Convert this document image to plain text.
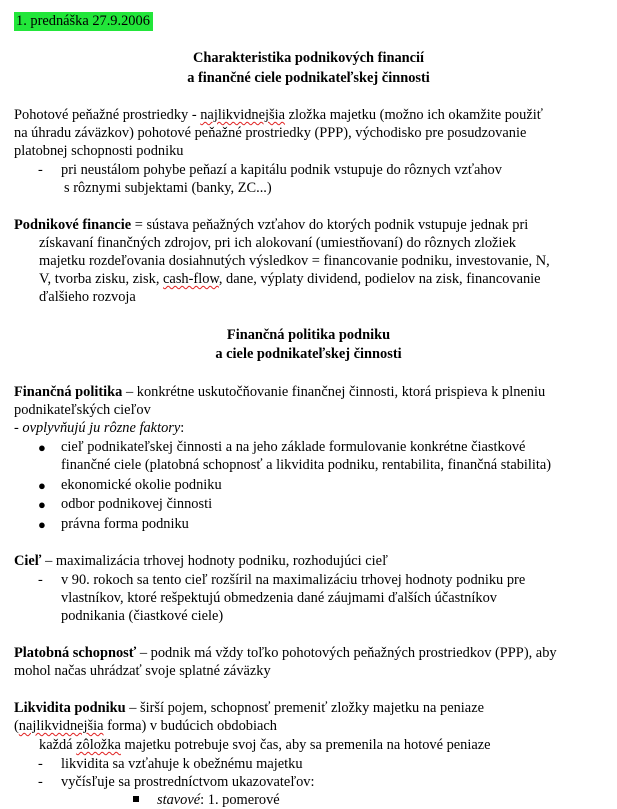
1. prednáška 27.9.2006
Charakteristika podnikových financií
a finančné ciele podnikateľskej činnosti
Pohotové peňažné prostriedky - najlikvidnejšia zložka majetku (možno ich okamžite použiť
na úhradu záväzkov) pohotové peňažné prostriedky (PPP), východisko pre posudzovanie
platobnej schopnosti podniku
- pri neustálom pohybe peňazí a kapitálu podnik vstupuje do rôznych vzťahov
s rôznymi subjektami (banky, ZC...)
Podnikové financie = sústava peňažných vzťahov do ktorých podnik vstupuje jednak pri
získavaní finančných zdrojov, pri ich alokovaní (umiestňovaní) do rôznych zložiek
majetku rozdeľovania dosiahnutých výsledkov = financovanie podniku, investovanie, N,
V, tvorba zisku, zisk, cash-flow, dane, výplaty dividend, podielov na zisk, financovanie
ďalšieho rozvoja
Finančná politika podniku
a ciele podnikateľskej činnosti
Finančná politika – konkrétne uskutočňovanie finančnej činnosti, ktorá prispieva k plneniu
podnikateľských cieľov
- ovplyvňujú ju rôzne faktory:
● cieľ podnikateľskej činnosti a na jeho základe formulovanie konkrétne čiastkové
finančné ciele (platobná schopnosť a likvidita podniku, rentabilita, finančná stabilita)
● ekonomické okolie podniku
● odbor podnikovej činnosti
● právna forma podniku
Cieľ – maximalizácia trhovej hodnoty podniku, rozhodujúci cieľ
- v 90. rokoch sa tento cieľ rozšíril na maximalizáciu trhovej hodnoty podniku pre
vlastníkov, ktoré rešpektujú obmedzenia dané záujmami ďalších účastníkov
podnikania (čiastkové ciele)
Platobná schopnosť – podnik má vždy toľko pohotových peňažných prostriedkov (PPP), aby
mohol načas uhrádzať svoje splatné záväzky
Likvidita podniku – širší pojem, schopnosť premeniť zložky majetku na peniaze
(najlikvidnejšia forma) v budúcich obdobiach
každá zôložka majetku potrebuje svoj čas, aby sa premenila na hotové peniaze
- likvidita sa vzťahuje k obežnému majetku
- vyčísľuje sa prostredníctvom ukazovateľov:
stavové: 1. pomerové
